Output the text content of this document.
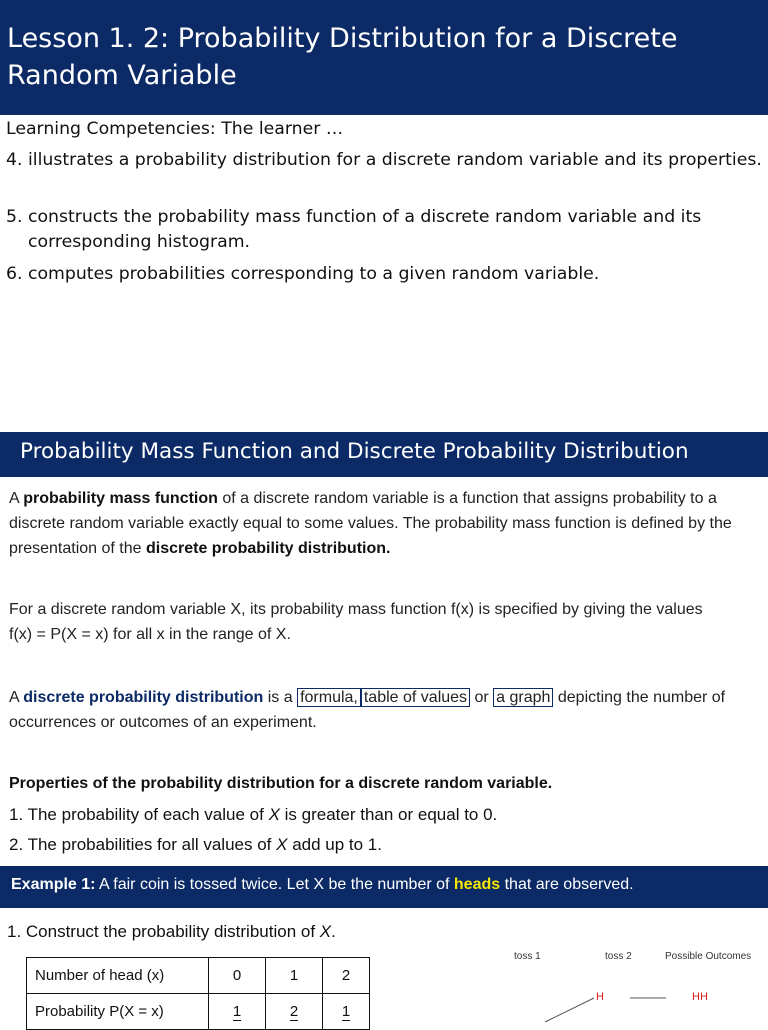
Lesson 1. 2: Probability Distribution for a Discrete Random Variable
Learning Competencies: The learner …
4. illustrates a probability distribution for a discrete random variable and its properties.
5. constructs the probability mass function of a discrete random variable and its corresponding histogram.
6. computes probabilities corresponding to a given random variable.
Probability Mass Function and Discrete Probability Distribution
A probability mass function of a discrete random variable is a function that assigns probability to a discrete random variable exactly equal to some values. The probability mass function is defined by the presentation of the discrete probability distribution.
For a discrete random variable X, its probability mass function f(x) is specified by giving the values
f(x) = P(X = x) for all x in the range of X.
A discrete probability distribution is a formula, table of values or a graph depicting the number of occurrences or outcomes of an experiment.
Properties of the probability distribution for a discrete random variable.
1. The probability of each value of X is greater than or equal to 0.
2. The probabilities for all values of X add up to 1.
Example 1: A fair coin is tossed twice. Let X be the number of heads that are observed.
1. Construct the probability distribution of X.
Number of head (x)	0	1	2
Probability P(X = x)	1	2	1
toss 1	toss 2	Possible Outcomes
H	HH
